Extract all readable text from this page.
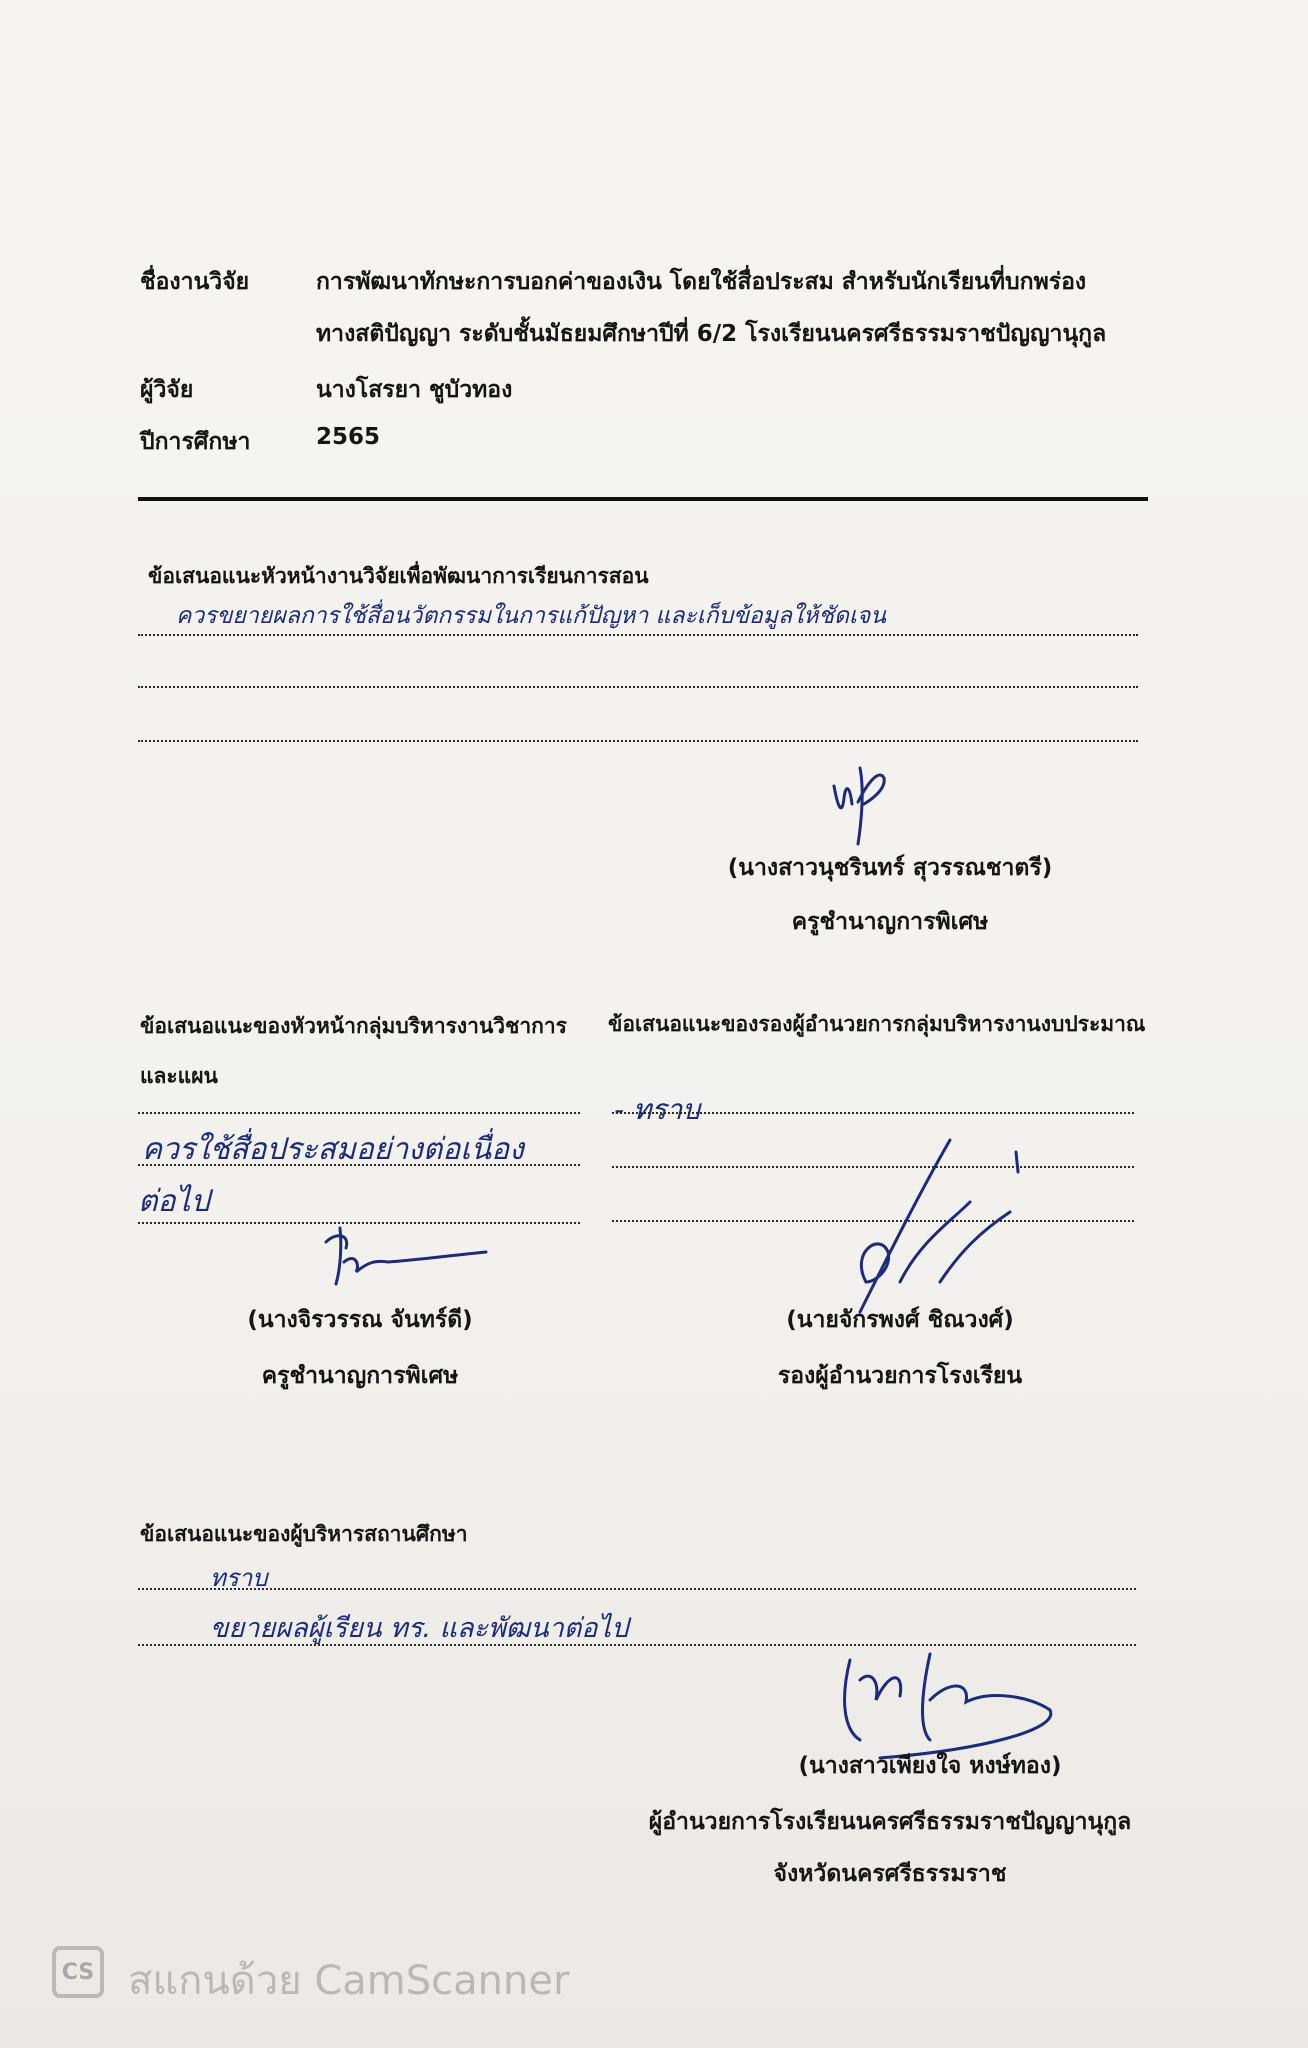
ชื่องานวิจัย	การพัฒนาทักษะการบอกค่าของเงิน โดยใช้สื่อประสม สำหรับนักเรียนที่บกพร่อง
ทางสติปัญญา ระดับชั้นมัธยมศึกษาปีที่ 6/2 โรงเรียนนครศรีธรรมราชปัญญานุกูล
ผู้วิจัย	นางโสรยา ชูบัวทอง
ปีการศึกษา	2565
ข้อเสนอแนะหัวหน้างานวิจัยเพื่อพัฒนาการเรียนการสอน
ควรขยายผลการใช้สื่อนวัตกรรมในการแก้ปัญหา และเก็บข้อมูลให้ชัดเจน
(นางสาวนุชรินทร์ สุวรรณชาตรี)
ครูชำนาญการพิเศษ
ข้อเสนอแนะของหัวหน้ากลุ่มบริหารงานวิชาการ
และแผน
ควรใช้สื่อประสมอย่างต่อเนื่อง
ต่อไป
(นางจิรวรรณ จันทร์ดี)
ครูชำนาญการพิเศษ
ข้อเสนอแนะของรองผู้อำนวยการกลุ่มบริหารงานงบประมาณ
- ทราบ
(นายจักรพงศ์ ชิณวงศ์)
รองผู้อำนวยการโรงเรียน
ข้อเสนอแนะของผู้บริหารสถานศึกษา
ทราบ
ขยายผลผู้เรียน ทร. และพัฒนาต่อไป
(นางสาวเพียงใจ หงษ์ทอง)
ผู้อำนวยการโรงเรียนนครศรีธรรมราชปัญญานุกูล
จังหวัดนครศรีธรรมราช
CS สแกนด้วย CamScanner
